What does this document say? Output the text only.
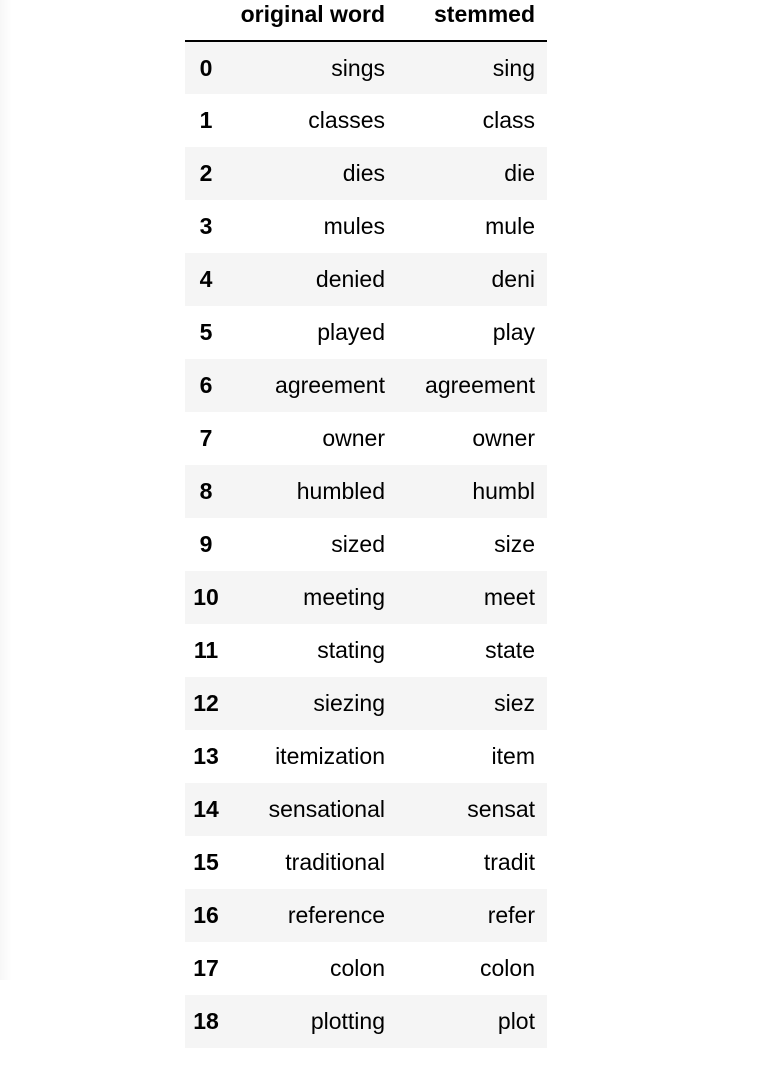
	original word	stemmed
0	sings	sing
1	classes	class
2	dies	die
3	mules	mule
4	denied	deni
5	played	play
6	agreement	agreement
7	owner	owner
8	humbled	humbl
9	sized	size
10	meeting	meet
11	stating	state
12	siezing	siez
13	itemization	item
14	sensational	sensat
15	traditional	tradit
16	reference	refer
17	colon	colon
18	plotting	plot
